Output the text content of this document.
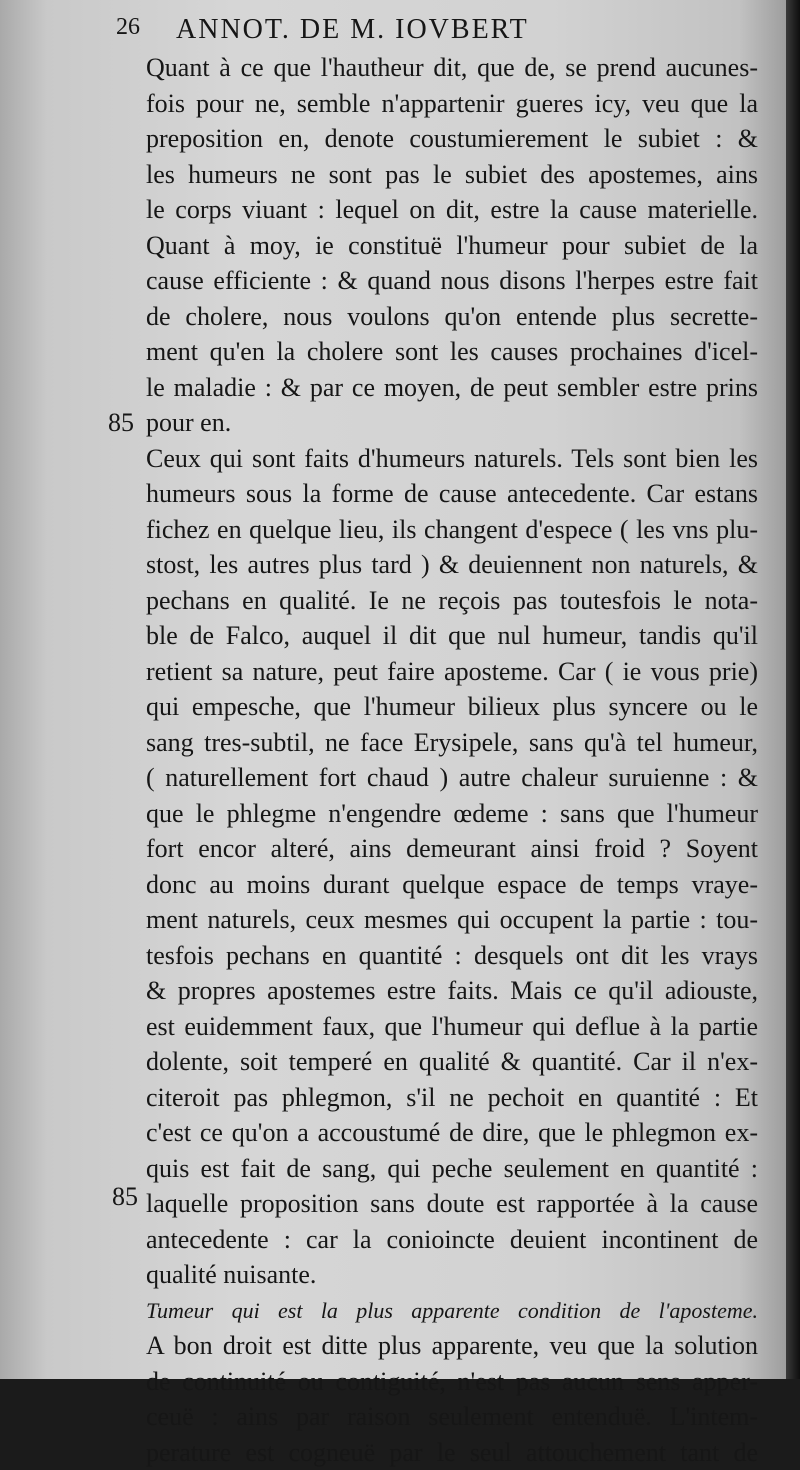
26 ANNOT. DE M. IOVBERT
85
85
Quant à ce que l'hautheur dit, que de, se prend aucunes-
fois pour ne, semble n'appartenir gueres icy, veu que la
preposition en, denote coustumierement le subiet : &
les humeurs ne sont pas le subiet des apostemes, ains
le corps viuant : lequel on dit, estre la cause materielle.
Quant à moy, ie constituë l'humeur pour subiet de la
cause efficiente : & quand nous disons l'herpes estre fait
de cholere, nous voulons qu'on entende plus secrette-
ment qu'en la cholere sont les causes prochaines d'icel-
le maladie : & par ce moyen, de peut sembler estre prins
pour en.
Ceux qui sont faits d'humeurs naturels. Tels sont bien les
humeurs sous la forme de cause antecedente. Car estans
fichez en quelque lieu, ils changent d'espece ( les vns plu-
stost, les autres plus tard ) & deuiennent non naturels, &
pechans en qualité. Ie ne reçois pas toutesfois le nota-
ble de Falco, auquel il dit que nul humeur, tandis qu'il
retient sa nature, peut faire aposteme. Car ( ie vous prie)
qui empesche, que l'humeur bilieux plus syncere ou le
sang tres-subtil, ne face Erysipele, sans qu'à tel humeur,
( naturellement fort chaud ) autre chaleur suruienne : &
que le phlegme n'engendre œdeme : sans que l'humeur
fort encor alteré, ains demeurant ainsi froid ? Soyent
donc au moins durant quelque espace de temps vraye-
ment naturels, ceux mesmes qui occupent la partie : tou-
tesfois pechans en quantité : desquels ont dit les vrays
& propres apostemes estre faits. Mais ce qu'il adiouste,
est euidemment faux, que l'humeur qui deflue à la partie
dolente, soit temperé en qualité & quantité. Car il n'ex-
citeroit pas phlegmon, s'il ne pechoit en quantité : Et
c'est ce qu'on a accoustumé de dire, que le phlegmon ex-
quis est fait de sang, qui peche seulement en quantité :
laquelle proposition sans doute est rapportée à la cause
antecedente : car la conioincte deuient incontinent de
qualité nuisante.
Tumeur qui est la plus apparente condition de l'aposteme.
A bon droit est ditte plus apparente, veu que la solution
de continuité ou contiguité, n'est pas aucun sens apper-
ceuë : ains par raison seulement entenduë. L'intem-
perature est cogneuë par le seul attouchement tant de
